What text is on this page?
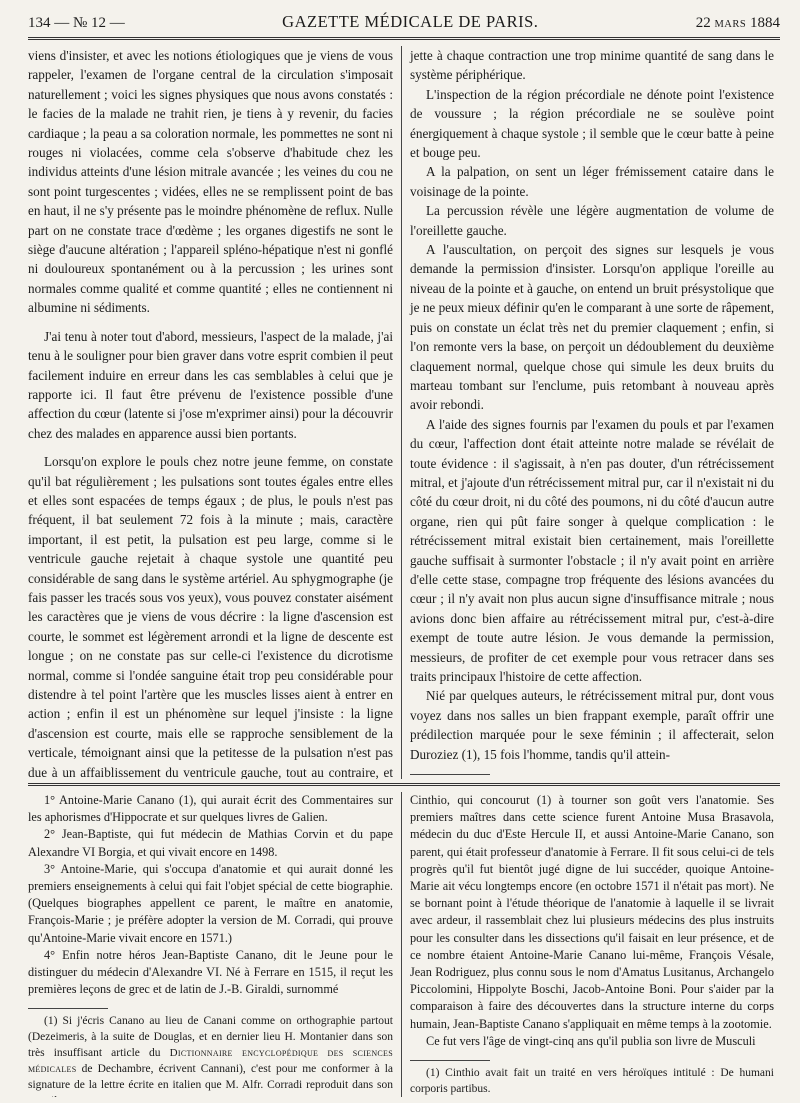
134 — № 12 —	GAZETTE MÉDICALE DE PARIS.	22 MARS 1884

viens d'insister, et avec les notions étiologiques que je viens de vous rappeler, l'examen de l'organe central de la circulation s'imposait naturellement ; voici les signes physiques que nous avons constatés : le facies de la malade ne trahit rien, je tiens à y revenir, du facies cardiaque ; la peau a sa coloration normale, les pommettes ne sont ni rouges ni violacées, comme cela s'observe d'habitude chez les individus atteints d'une lésion mitrale avancée ; les veines du cou ne sont point turgescentes ; vidées, elles ne se remplissent point de bas en haut, il ne s'y présente pas le moindre phénomène de reflux. Nulle part on ne constate trace d'œdème ; les organes digestifs ne sont le siège d'aucune altération ; l'appareil spléno-hépatique n'est ni gonflé ni douloureux spontanément ou à la percussion ; les urines sont normales comme qualité et comme quantité ; elles ne contiennent ni albumine ni sédiments.

J'ai tenu à noter tout d'abord, messieurs, l'aspect de la malade, j'ai tenu à le souligner pour bien graver dans votre esprit combien il peut facilement induire en erreur dans les cas semblables à celui que je rapporte ici. Il faut être prévenu de l'existence possible d'une affection du cœur (latente si j'ose m'exprimer ainsi) pour la découvrir chez des malades en apparence aussi bien portants.

Lorsqu'on explore le pouls chez notre jeune femme, on constate qu'il bat régulièrement ; les pulsations sont toutes égales entre elles et elles sont espacées de temps égaux ; de plus, le pouls n'est pas fréquent, il bat seulement 72 fois à la minute ; mais, caractère important, il est petit, la pulsation est peu large, comme si le ventricule gauche rejetait à chaque systole une quantité peu considérable de sang dans le système artériel. Au sphygmographe (je fais passer les tracés sous vos yeux), vous pouvez constater aisément les caractères que je viens de vous décrire : la ligne d'ascension est courte, le sommet est légèrement arrondi et la ligne de descente est longue ; on ne constate pas sur celle-ci l'existence du dicrotisme normal, comme si l'ondée sanguine était trop peu considérable pour distendre à tel point l'artère que les muscles lisses aient à entrer en action ; enfin il est un phénomène sur lequel j'insiste : la ligne d'ascension est courte, mais elle se rapproche sensiblement de la verticale, témoignant ainsi que la petitesse de la pulsation n'est pas due à un affaiblissement du ventricule gauche, tout au contraire, et

jette à chaque contraction une trop minime quantité de sang dans le système périphérique.

L'inspection de la région précordiale ne dénote point l'existence de voussure ; la région précordiale ne se soulève point énergiquement à chaque systole ; il semble que le cœur batte à peine et bouge peu.

A la palpation, on sent un léger frémissement cataire dans le voisinage de la pointe.

La percussion révèle une légère augmentation de volume de l'oreillette gauche.

A l'auscultation, on perçoit des signes sur lesquels je vous demande la permission d'insister. Lorsqu'on applique l'oreille au niveau de la pointe et à gauche, on entend un bruit présystolique que je ne peux mieux définir qu'en le comparant à une sorte de râpement, puis on constate un éclat très net du premier claquement ; enfin, si l'on remonte vers la base, on perçoit un dédoublement du deuxième claquement normal, quelque chose qui simule les deux bruits du marteau tombant sur l'enclume, puis retombant à nouveau après avoir rebondi.

A l'aide des signes fournis par l'examen du pouls et par l'examen du cœur, l'affection dont était atteinte notre malade se révélait de toute évidence : il s'agissait, à n'en pas douter, d'un rétrécissement mitral, et j'ajoute d'un rétrécissement mitral pur, car il n'existait ni du côté du cœur droit, ni du côté des poumons, ni du côté d'aucun autre organe, rien qui pût faire songer à quelque complication : le rétrécissement mitral existait bien certainement, mais l'oreillette gauche suffisait à surmonter l'obstacle ; il n'y avait point en arrière d'elle cette stase, compagne trop fréquente des lésions avancées du cœur ; il n'y avait non plus aucun signe d'insuffisance mitrale ; nous avions donc bien affaire au rétrécissement mitral pur, c'est-à-dire exempt de toute autre lésion. Je vous demande la permission, messieurs, de profiter de cet exemple pour vous retracer dans ses traits principaux l'histoire de cette affection.

Nié par quelques auteurs, le rétrécissement mitral pur, dont vous voyez dans nos salles un bien frappant exemple, paraît offrir une prédilection marquée pour le sexe féminin ; il affecterait, selon Duroziez (1), 15 fois l'homme, tandis qu'il attein-

1° Antoine-Marie Canano (1), qui aurait écrit des Commentaires sur les aphorismes d'Hippocrate et sur quelques livres de Galien.

2° Jean-Baptiste, qui fut médecin de Mathias Corvin et du pape Alexandre VI Borgia, et qui vivait encore en 1498.

3° Antoine-Marie, qui s'occupa d'anatomie et qui aurait donné les premiers enseignements à celui qui fait l'objet spécial de cette biographie. (Quelques biographes appellent ce parent, le maître en anatomie, François-Marie ; je préfère adopter la version de M. Corradi, qui prouve qu'Antoine-Marie vivait encore en 1571.)

4° Enfin notre héros Jean-Baptiste Canano, dit le Jeune pour le distinguer du médecin d'Alexandre VI. Né à Ferrare en 1515, il reçut les premières leçons de grec et de latin de J.-B. Giraldi, surnommé

(1) Si j'écris Canano au lieu de Canani comme on orthographie partout (Dezeimeris, à la suite de Douglas, et en dernier lieu H. Montanier dans son très insuffisant article du Dictionnaire encyclopédique des sciences médicales de Dechambre, écrivent Cannani), c'est pour me conformer à la signature de la lettre écrite en italien que M. Alfr. Corradi reproduit dans son

Cinthio, qui concourut (1) à tourner son goût vers l'anatomie. Ses premiers maîtres dans cette science furent Antoine Musa Brasavola, médecin du duc d'Este Hercule II, et aussi Antoine-Marie Canano, son parent, qui était professeur d'anatomie à Ferrare. Il fit sous celui-ci de tels progrès qu'il fut bientôt jugé digne de lui succéder, quoique Antoine-Marie ait vécu longtemps encore (en octobre 1571 il n'était pas mort). Ne se bornant point à l'étude théorique de l'anatomie à laquelle il se livrait avec ardeur, il rassemblait chez lui plusieurs médecins des plus instruits pour les consulter dans les dissections qu'il faisait en leur présence, et de ce nombre étaient Antoine-Marie Canano lui-même, François Vésale, Jean Rodriguez, plus connu sous le nom d'Amatus Lusitanus, Archangelo Piccolomini, Hippolyte Boschi, Jacob-Antoine Boni. Pour s'aider par la comparaison à faire des découvertes dans la structure interne du corps humain, Jean-Baptiste Canano s'appliquait en même temps à la zootomie.

Ce fut vers l'âge de vingt-cinq ans qu'il publia son livre de Musculi

(1) Cinthio avait fait un traité en vers héroïques intitulé : De humani corporis partibus.
